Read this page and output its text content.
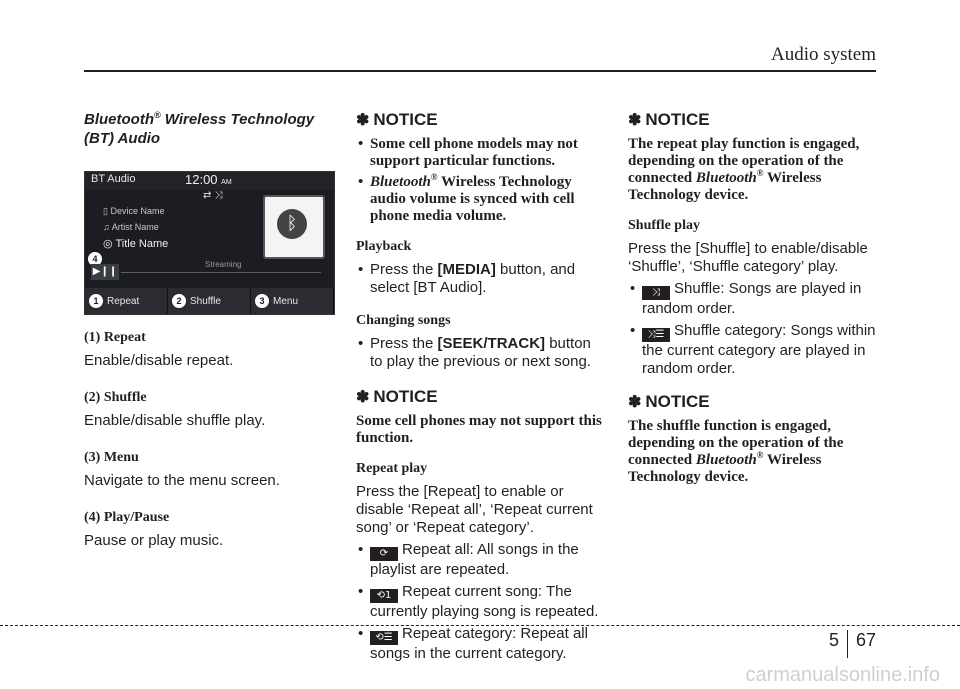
Audio system

Bluetooth® Wireless Technology (BT) Audio

BT Audio	12:00 AM
⇄ ⤨
▯ Device Name
♫ Artist Name
◎ Title Name
ᛒ
Streaming
4
▶❙❙
1 Repeat	2 Shuffle	3 Menu

(1) Repeat

Enable/disable repeat.

(2) Shuffle

Enable/disable shuffle play.

(3) Menu

Navigate to the menu screen.

(4) Play/Pause

Pause or play music.

✽ NOTICE

• Some cell phone models may not support particular functions.

• Bluetooth® Wireless Technology audio volume is synced with cell phone media volume.

Playback

• Press the [MEDIA] button, and select [BT Audio].

Changing songs

• Press the [SEEK/TRACK] button to play the previous or next song.

✽ NOTICE

Some cell phones may not support this function.

Repeat play

Press the [Repeat] to enable or disable ‘Repeat all’, ‘Repeat current song’ or ‘Repeat category’.

• ⟳ Repeat all: All songs in the playlist are repeated.

• ⟲1 Repeat current song: The currently playing song is repeated.

• ⟲☰ Repeat category: Repeat all songs in the current category.

✽ NOTICE

The repeat play function is engaged, depending on the operation of the connected Bluetooth® Wireless Technology device.

Shuffle play

Press the [Shuffle] to enable/disable ‘Shuffle’, ‘Shuffle category’ play.

• ⤨ Shuffle: Songs are played in random order.

• ⤨☰ Shuffle category: Songs within the current category are played in random order.

✽ NOTICE

The shuffle function is engaged, depending on the operation of the connected Bluetooth® Wireless Technology device.

5 67
carmanualsonline.info
